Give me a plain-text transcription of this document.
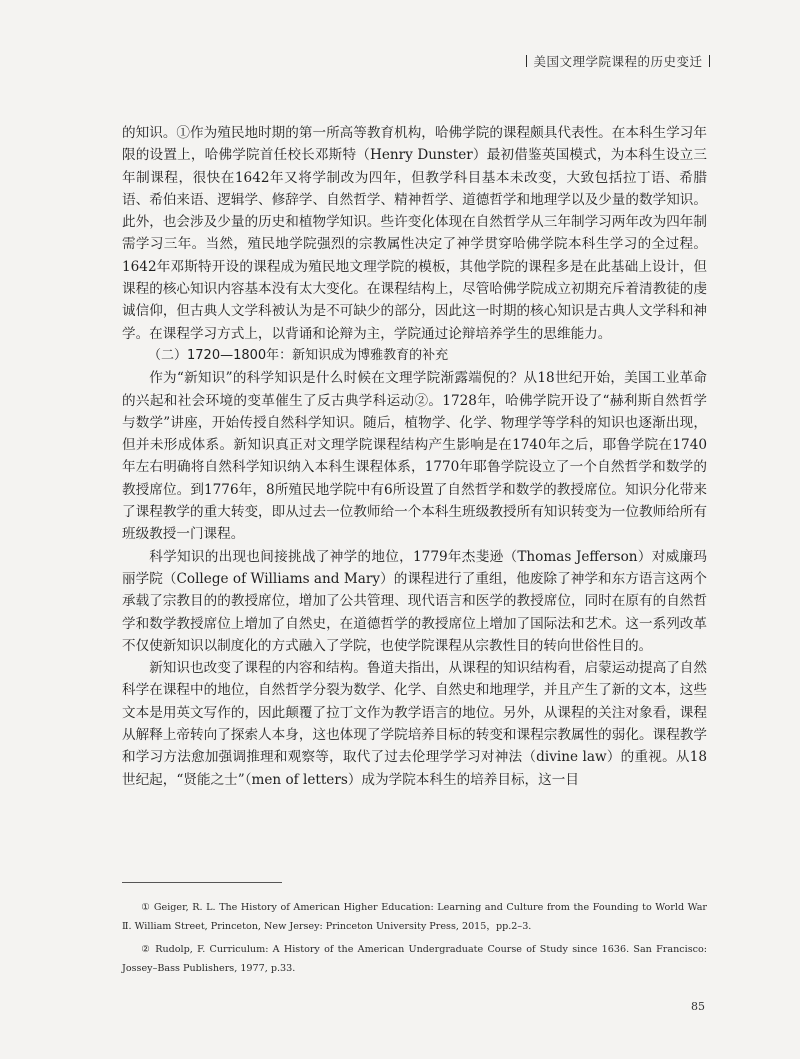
美国文理学院课程的历史变迁

的知识。①作为殖民地时期的第一所高等教育机构，哈佛学院的课程颇具代表性。在本科生学习年限的设置上，哈佛学院首任校长邓斯特（Henry Dunster）最初借鉴英国模式，为本科生设立三年制课程，很快在1642年又将学制改为四年，但教学科目基本未改变，大致包括拉丁语、希腊语、希伯来语、逻辑学、修辞学、自然哲学、精神哲学、道德哲学和地理学以及少量的数学知识。此外，也会涉及少量的历史和植物学知识。些许变化体现在自然哲学从三年制学习两年改为四年制需学习三年。当然，殖民地学院强烈的宗教属性决定了神学贯穿哈佛学院本科生学习的全过程。1642年邓斯特开设的课程成为殖民地文理学院的模板，其他学院的课程多是在此基础上设计，但课程的核心知识内容基本没有太大变化。在课程结构上，尽管哈佛学院成立初期充斥着清教徒的虔诚信仰，但古典人文学科被认为是不可缺少的部分，因此这一时期的核心知识是古典人文学科和神学。在课程学习方式上，以背诵和论辩为主，学院通过论辩培养学生的思维能力。

（二）1720—1800年：新知识成为博雅教育的补充

作为“新知识”的科学知识是什么时候在文理学院渐露端倪的？从18世纪开始，美国工业革命的兴起和社会环境的变革催生了反古典学科运动②。1728年，哈佛学院开设了“赫利斯自然哲学与数学”讲座，开始传授自然科学知识。随后，植物学、化学、物理学等学科的知识也逐渐出现，但并未形成体系。新知识真正对文理学院课程结构产生影响是在1740年之后，耶鲁学院在1740年左右明确将自然科学知识纳入本科生课程体系，1770年耶鲁学院设立了一个自然哲学和数学的教授席位。到1776年，8所殖民地学院中有6所设置了自然哲学和数学的教授席位。知识分化带来了课程教学的重大转变，即从过去一位教师给一个本科生班级教授所有知识转变为一位教师给所有班级教授一门课程。

科学知识的出现也间接挑战了神学的地位，1779年杰斐逊（Thomas Jefferson）对威廉玛丽学院（College of Williams and Mary）的课程进行了重组，他废除了神学和东方语言这两个承载了宗教目的的教授席位，增加了公共管理、现代语言和医学的教授席位，同时在原有的自然哲学和数学教授席位上增加了自然史，在道德哲学的教授席位上增加了国际法和艺术。这一系列改革不仅使新知识以制度化的方式融入了学院，也使学院课程从宗教性目的转向世俗性目的。

新知识也改变了课程的内容和结构。鲁道夫指出，从课程的知识结构看，启蒙运动提高了自然科学在课程中的地位，自然哲学分裂为数学、化学、自然史和地理学，并且产生了新的文本，这些文本是用英文写作的，因此颠覆了拉丁文作为教学语言的地位。另外，从课程的关注对象看，课程从解释上帝转向了探索人本身，这也体现了学院培养目标的转变和课程宗教属性的弱化。课程教学和学习方法愈加强调推理和观察等，取代了过去伦理学学习对神法（divine law）的重视。从18世纪起，“贤能之士”（men of letters）成为学院本科生的培养目标，这一目

① Geiger, R. L. The History of American Higher Education: Learning and Culture from the Founding to World War Ⅱ. William Street, Princeton, New Jersey: Princeton University Press, 2015，pp.2–3.

② Rudolp, F. Curriculum: A History of the American Undergraduate Course of Study since 1636. San Francisco: Jossey–Bass Publishers, 1977, p.33.

85
